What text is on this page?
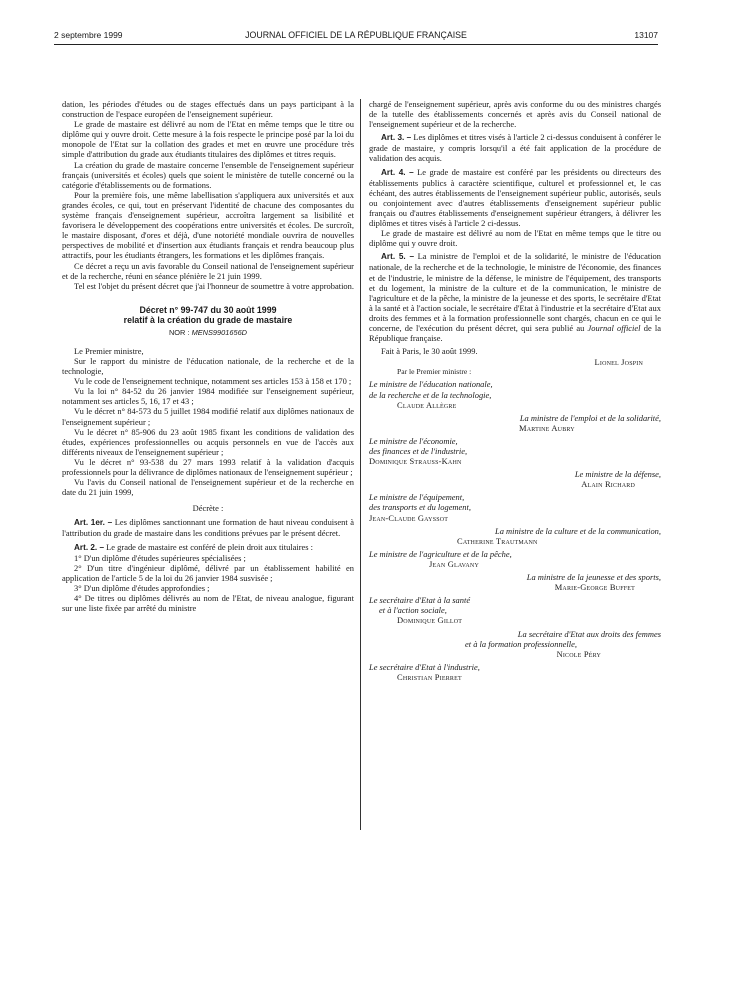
2 septembre 1999	JOURNAL OFFICIEL DE LA RÉPUBLIQUE FRANÇAISE	13107

dation, les périodes d'études ou de stages effectués dans un pays participant à la construction de l'espace européen de l'enseignement supérieur.

Le grade de mastaire est délivré au nom de l'Etat en même temps que le titre ou diplôme qui y ouvre droit. Cette mesure à la fois respecte le principe posé par la loi du monopole de l'Etat sur la collation des grades et met en œuvre une procédure très simple d'attribution du grade aux étudiants titulaires des diplômes et titres requis.

La création du grade de mastaire concerne l'ensemble de l'enseignement supérieur français (universités et écoles) quels que soient le ministère de tutelle concerné ou la catégorie d'établissements ou de formations.

Pour la première fois, une même labellisation s'appliquera aux universités et aux grandes écoles, ce qui, tout en préservant l'identité de chacune des composantes du système français d'enseignement supérieur, accroîtra largement sa lisibilité et favorisera le développement des coopérations entre universités et écoles. De surcroît, le mastaire disposant, d'ores et déjà, d'une notoriété mondiale ouvrira de nouvelles perspectives de mobilité et d'insertion aux étudiants français et rendra beaucoup plus attractifs, pour les étudiants étrangers, les formations et les diplômes français.

Ce décret a reçu un avis favorable du Conseil national de l'enseignement supérieur et de la recherche, réuni en séance plénière le 21 juin 1999.

Tel est l'objet du présent décret que j'ai l'honneur de soumettre à votre approbation.

Décret n° 99-747 du 30 août 1999
relatif à la création du grade de mastaire
NOR : MENS9901656D

Le Premier ministre,

Sur le rapport du ministre de l'éducation nationale, de la recherche et de la technologie,

Vu le code de l'enseignement technique, notamment ses articles 153 à 158 et 170 ;

Vu la loi n° 84-52 du 26 janvier 1984 modifiée sur l'enseignement supérieur, notamment ses articles 5, 16, 17 et 43 ;

Vu le décret n° 84-573 du 5 juillet 1984 modifié relatif aux diplômes nationaux de l'enseignement supérieur ;

Vu le décret n° 85-906 du 23 août 1985 fixant les conditions de validation des études, expériences professionnelles ou acquis personnels en vue de l'accès aux différents niveaux de l'enseignement supérieur ;

Vu le décret n° 93-538 du 27 mars 1993 relatif à la validation d'acquis professionnels pour la délivrance de diplômes nationaux de l'enseignement supérieur ;

Vu l'avis du Conseil national de l'enseignement supérieur et de la recherche en date du 21 juin 1999,

Décrète :

Art. 1er. – Les diplômes sanctionnant une formation de haut niveau conduisent à l'attribution du grade de mastaire dans les conditions prévues par le présent décret.

Art. 2. – Le grade de mastaire est conféré de plein droit aux titulaires :

1° D'un diplôme d'études supérieures spécialisées ;

2° D'un titre d'ingénieur diplômé, délivré par un établissement habilité en application de l'article 5 de la loi du 26 janvier 1984 susvisée ;

3° D'un diplôme d'études approfondies ;

4° De titres ou diplômes délivrés au nom de l'Etat, de niveau analogue, figurant sur une liste fixée par arrêté du ministre

chargé de l'enseignement supérieur, après avis conforme du ou des ministres chargés de la tutelle des établissements concernés et après avis du Conseil national de l'enseignement supérieur et de la recherche.

Art. 3. – Les diplômes et titres visés à l'article 2 ci-dessus conduisent à conférer le grade de mastaire, y compris lorsqu'il a été fait application de la procédure de validation des acquis.

Art. 4. – Le grade de mastaire est conféré par les présidents ou directeurs des établissements publics à caractère scientifique, culturel et professionnel et, le cas échéant, des autres établissements de l'enseignement supérieur public, autorisés, seuls ou conjointement avec d'autres établissements d'enseignement supérieur public français ou d'autres établissements d'enseignement supérieur étrangers, à délivrer les diplômes et titres visés à l'article 2 ci-dessus.

Le grade de mastaire est délivré au nom de l'Etat en même temps que le titre ou diplôme qui y ouvre droit.

Art. 5. – La ministre de l'emploi et de la solidarité, le ministre de l'éducation nationale, de la recherche et de la technologie, le ministre de l'économie, des finances et de l'industrie, le ministre de la défense, le ministre de l'équipement, des transports et du logement, la ministre de la culture et de la communication, le ministre de l'agriculture et de la pêche, la ministre de la jeunesse et des sports, le secrétaire d'Etat à la santé et à l'action sociale, le secrétaire d'Etat à l'industrie et la secrétaire d'Etat aux droits des femmes et à la formation professionnelle sont chargés, chacun en ce qui le concerne, de l'exécution du présent décret, qui sera publié au Journal officiel de la République française.

Fait à Paris, le 30 août 1999.

Lionel Jospin
Par le Premier ministre :
Le ministre de l'éducation nationale,
de la recherche et de la technologie,
Claude Allègre
La ministre de l'emploi et de la solidarité,
Martine Aubry
Le ministre de l'économie,
des finances et de l'industrie,
Dominique Strauss-Kahn
Le ministre de la défense,
Alain Richard
Le ministre de l'équipement,
des transports et du logement,
Jean-Claude Gayssot
La ministre de la culture et de la communication,
Catherine Trautmann
Le ministre de l'agriculture et de la pêche,
Jean Glavany
La ministre de la jeunesse et des sports,
Marie-George Buffet
Le secrétaire d'Etat à la santé
et à l'action sociale,
Dominique Gillot
La secrétaire d'Etat aux droits des femmes
et à la formation professionnelle,
Nicole Péry
Le secrétaire d'Etat à l'industrie,
Christian Pierret
